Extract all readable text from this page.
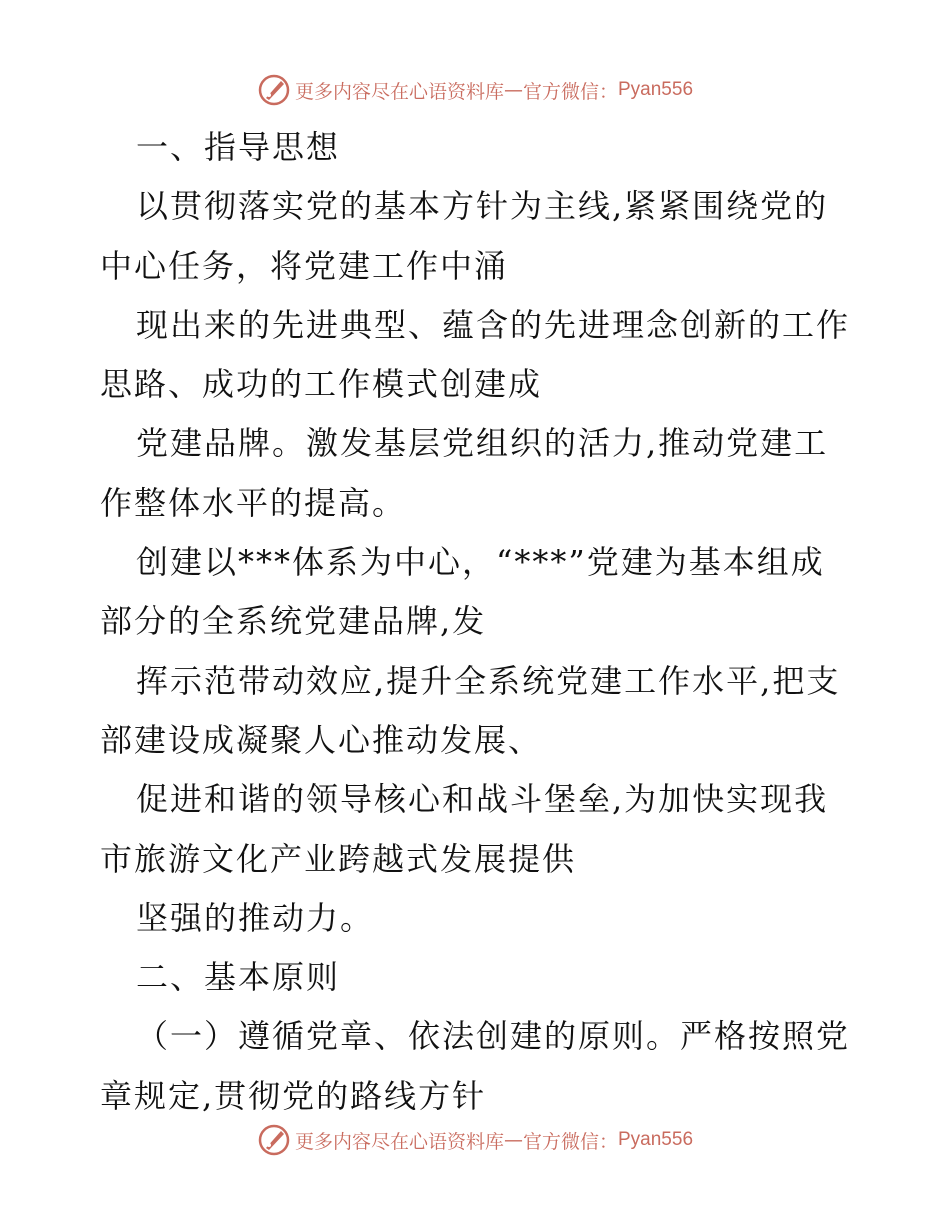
更多内容尽在心语资料库 — 官方微信： Pyan556
一、指导思想
以贯彻落实党的基本方针为主线,紧紧围绕党的
中心任务，将党建工作中涌
现出来的先进典型、蕴含的先进理念创新的工作
思路、成功的工作模式创建成
党建品牌。激发基层党组织的活力,推动党建工
作整体水平的提高。
创建以***体系为中心，“***”党建为基本组成
部分的全系统党建品牌,发
挥示范带动效应,提升全系统党建工作水平,把支
部建设成凝聚人心推动发展、
促进和谐的领导核心和战斗堡垒,为加快实现我
市旅游文化产业跨越式发展提供
坚强的推动力。
二、基本原则
（一）遵循党章、依法创建的原则。严格按照党
章规定,贯彻党的路线方针
更多内容尽在心语资料库 — 官方微信： Pyan556
